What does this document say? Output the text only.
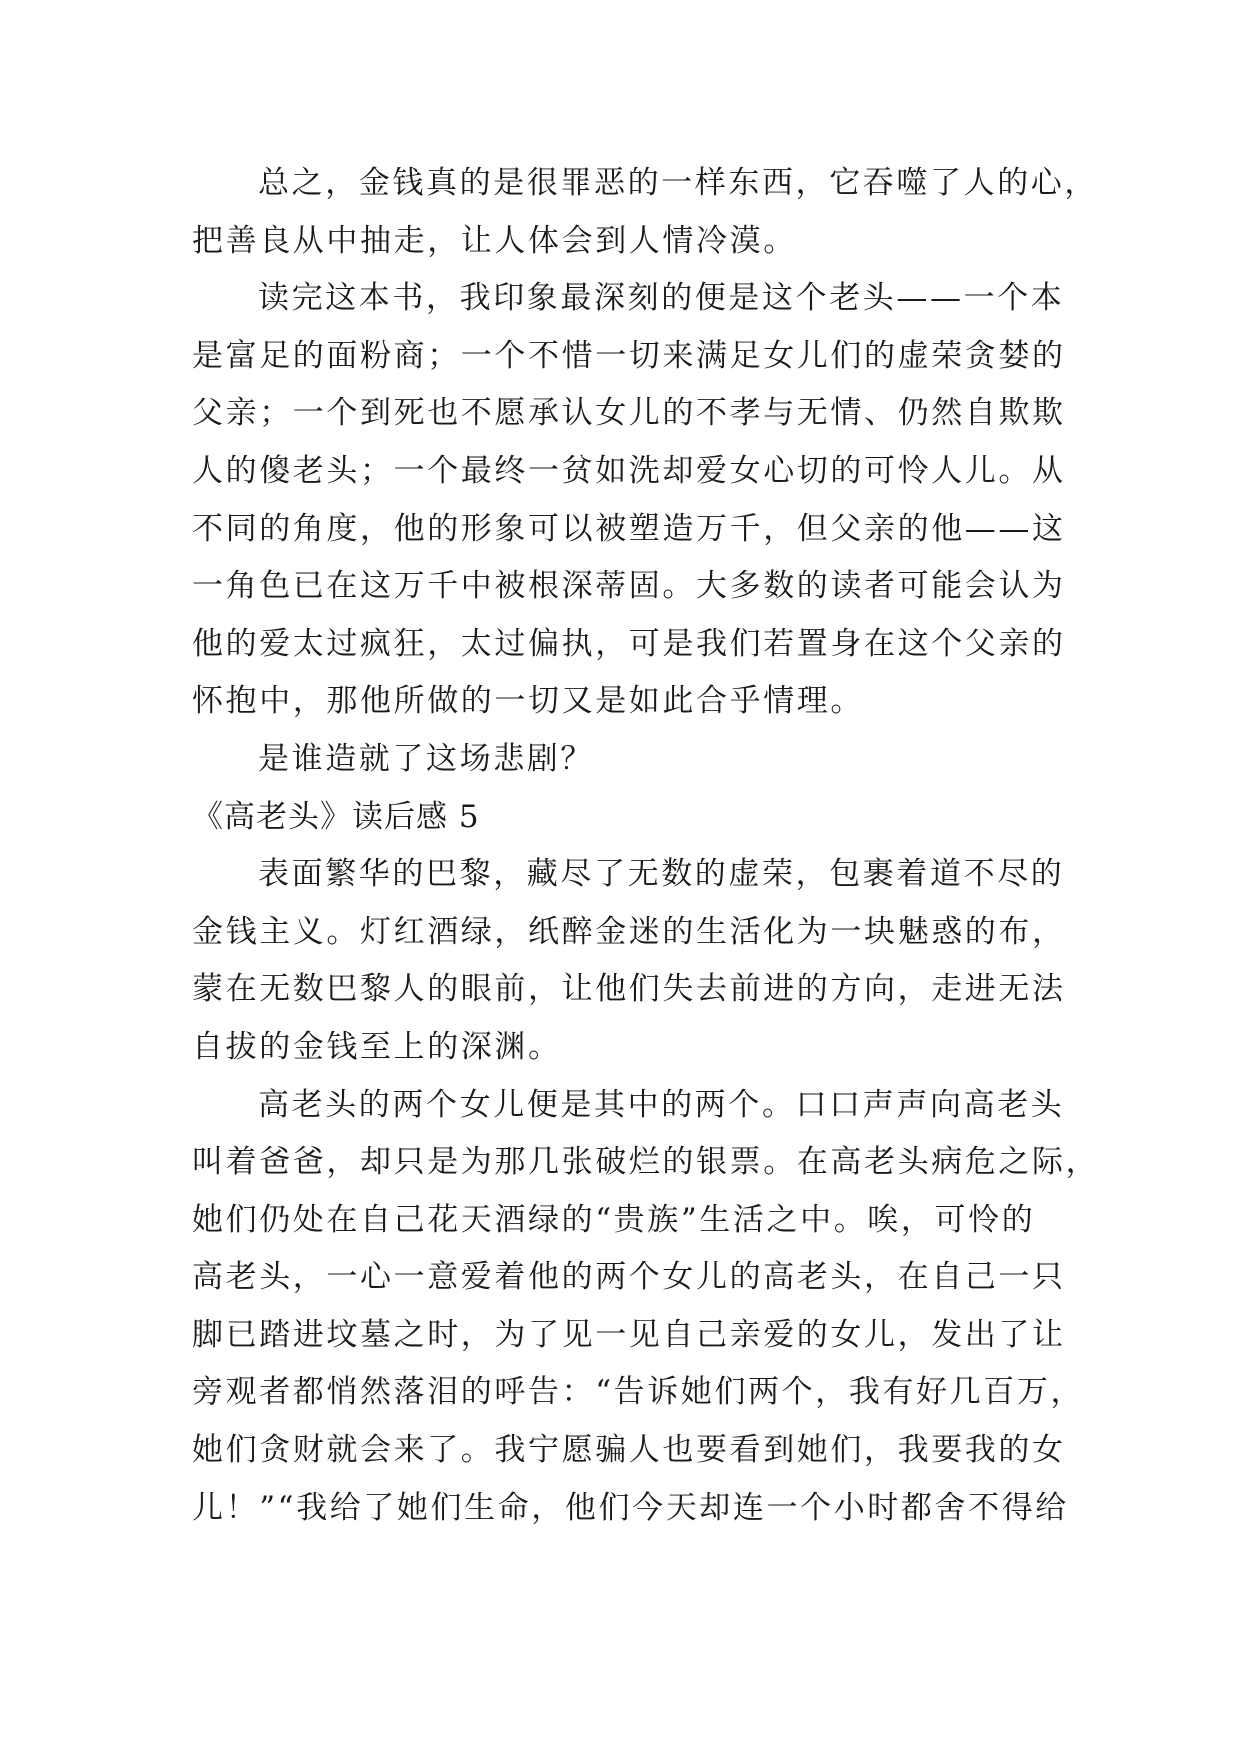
总之，金钱真的是很罪恶的一样东西，它吞噬了人的心，
把善良从中抽走，让人体会到人情冷漠。
读完这本书，我印象最深刻的便是这个老头——一个本
是富足的面粉商；一个不惜一切来满足女儿们的虚荣贪婪的
父亲；一个到死也不愿承认女儿的不孝与无情、仍然自欺欺
人的傻老头；一个最终一贫如洗却爱女心切的可怜人儿。从
不同的角度，他的形象可以被塑造万千，但父亲的他——这
一角色已在这万千中被根深蒂固。大多数的读者可能会认为
他的爱太过疯狂，太过偏执，可是我们若置身在这个父亲的
怀抱中，那他所做的一切又是如此合乎情理。
是谁造就了这场悲剧？
《高老头》读后感 5
表面繁华的巴黎，藏尽了无数的虚荣，包裹着道不尽的
金钱主义。灯红酒绿，纸醉金迷的生活化为一块魅惑的布，
蒙在无数巴黎人的眼前，让他们失去前进的方向，走进无法
自拔的金钱至上的深渊。
高老头的两个女儿便是其中的两个。口口声声向高老头
叫着爸爸，却只是为那几张破烂的银票。在高老头病危之际，
她们仍处在自己花天酒绿的“贵族”生活之中。唉，可怜的
高老头，一心一意爱着他的两个女儿的高老头，在自己一只
脚已踏进坟墓之时，为了见一见自己亲爱的女儿，发出了让
旁观者都悄然落泪的呼告：“告诉她们两个，我有好几百万，
她们贪财就会来了。我宁愿骗人也要看到她们，我要我的女
儿！”“我给了她们生命，他们今天却连一个小时都舍不得给
